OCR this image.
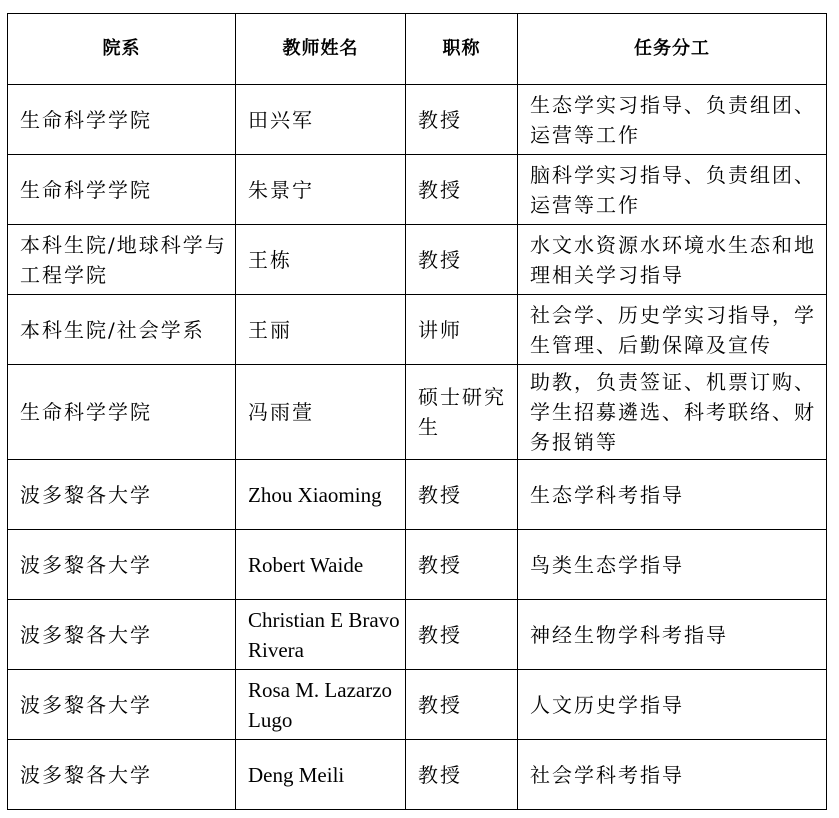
院系	教师姓名	职称	任务分工
生命科学学院	田兴军	教授	生态学实习指导、负责组团、运营等工作
生命科学学院	朱景宁	教授	脑科学实习指导、负责组团、运营等工作
本科生院/地球科学与工程学院	王栋	教授	水文水资源水环境水生态和地理相关学习指导
本科生院/社会学系	王丽	讲师	社会学、历史学实习指导，学生管理、后勤保障及宣传
生命科学学院	冯雨萱	硕士研究生	助教，负责签证、机票订购、学生招募遴选、科考联络、财务报销等
波多黎各大学	Zhou Xiaoming	教授	生态学科考指导
波多黎各大学	Robert Waide	教授	鸟类生态学指导
波多黎各大学	Christian E Bravo Rivera	教授	神经生物学科考指导
波多黎各大学	Rosa M. Lazarzo Lugo	教授	人文历史学指导
波多黎各大学	Deng Meili	教授	社会学科考指导
